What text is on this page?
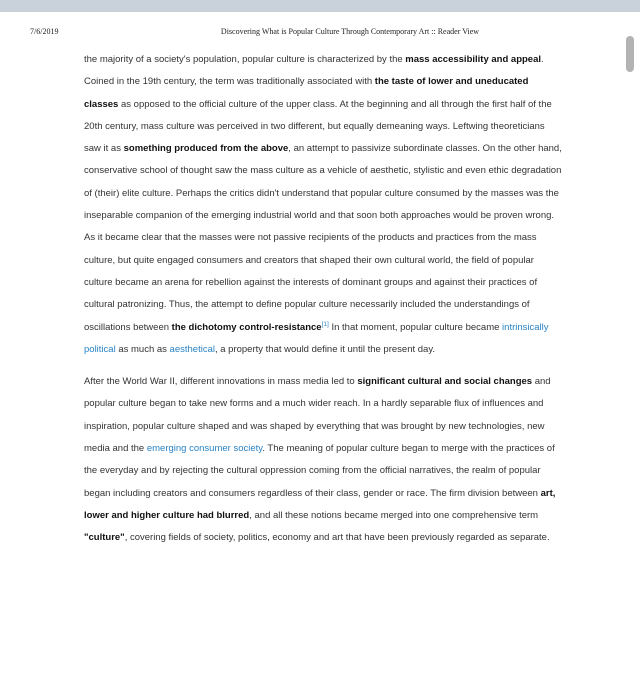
7/6/2019	Discovering What is Popular Culture Through Contemporary Art :: Reader View

the majority of a society's population, popular culture is characterized by the mass accessibility and appeal. Coined in the 19th century, the term was traditionally associated with the taste of lower and uneducated classes as opposed to the official culture of the upper class. At the beginning and all through the first half of the 20th century, mass culture was perceived in two different, but equally demeaning ways. Leftwing theoreticians saw it as something produced from the above, an attempt to passivize subordinate classes. On the other hand, conservative school of thought saw the mass culture as a vehicle of aesthetic, stylistic and even ethic degradation of (their) elite culture. Perhaps the critics didn't understand that popular culture consumed by the masses was the inseparable companion of the emerging industrial world and that soon both approaches would be proven wrong. As it became clear that the masses were not passive recipients of the products and practices from the mass culture, but quite engaged consumers and creators that shaped their own cultural world, the field of popular culture became an arena for rebellion against the interests of dominant groups and against their practices of cultural patronizing. Thus, the attempt to define popular culture necessarily included the understandings of oscillations between the dichotomy control-resistance[1] In that moment, popular culture became intrinsically political as much as aesthetical, a property that would define it until the present day.

After the World War II, different innovations in mass media led to significant cultural and social changes and popular culture began to take new forms and a much wider reach. In a hardly separable flux of influences and inspiration, popular culture shaped and was shaped by everything that was brought by new technologies, new media and the emerging consumer society. The meaning of popular culture began to merge with the practices of the everyday and by rejecting the cultural oppression coming from the official narratives, the realm of popular began including creators and consumers regardless of their class, gender or race. The firm division between art, lower and higher culture had blurred, and all these notions became merged into one comprehensive term "culture", covering fields of society, politics, economy and art that have been previously regarded as separate.
